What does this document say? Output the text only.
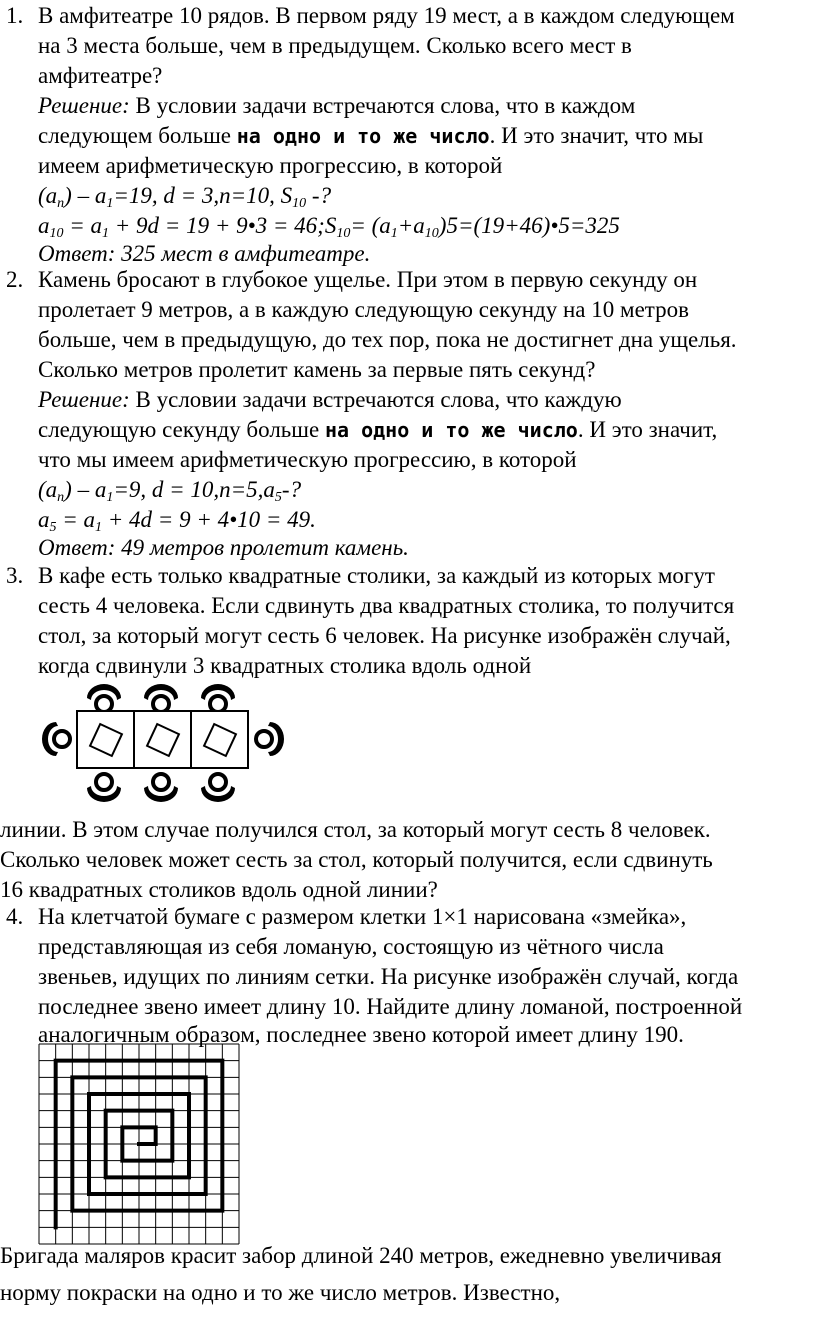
1. В амфитеатре 10 рядов. В первом ряду 19 мест, а в каждом следующем
на 3 места больше, чем в предыдущем. Сколько всего мест в
амфитеатре?
Решение: В условии задачи встречаются слова, что в каждом
следующем больше на одно и то же число. И это значит, что мы
имеем арифметическую прогрессию, в которой
$(a_n) - a_1=19$, d = 3,n=10, $S_{10}$ -?
$a_{10} = a_1 + 9d = 19$ + 9•3 = $46;S_{10}=$ $(a_1+a_{10})5=(19+46)•5=325$
Ответ: 325 мест в амфитеатре.
2. Камень бросают в глубокое ущелье. При этом в первую секунду он
пролетает 9 метров, а в каждую следующую секунду на 10 метров
больше, чем в предыдущую, до тех пор, пока не достигнет дна ущелья.
Сколько метров пролетит камень за первые пять секунд?
Решение: В условии задачи встречаются слова, что каждую
следующую секунду больше на одно и то же число. И это значит,
что мы имеем арифметическую прогрессию, в которой
$(a_n) - a_1=9$, $d = 10,n=5,a_5-$?
$a_5 = a_1 + 4d = 9$ + 4•10 = 49.
Ответ: 49 метров пролетит камень.
3. В кафе есть только квадратные столики, за каждый из которых могут
сесть 4 человека. Если сдвинуть два квадратных столика, то получится
стол, за который могут сесть 6 человек. На рисунке изображён случай,
когда сдвинули 3 квадратных столика вдоль одной
линии. В этом случае получился стол, за который могут сесть 8 человек.
Сколько человек может сесть за стол, который получится, если сдвинуть
16 квадратных столиков вдоль одной линии?
4. На клетчатой бумаге с размером клетки 1×1 нарисована «змейка»,
представляющая из себя ломаную, состоящую из чётного числа
звеньев, идущих по линиям сетки. На рисунке изображён случай, когда
последнее звено имеет длину 10. Найдите длину ломаной, построенной
аналогичным образом, последнее звено которой имеет длину 190.
Бригада маляров красит забор длиной 240 метров, ежедневно увеличивая
норму покраски на одно и то же число метров. Известно,
